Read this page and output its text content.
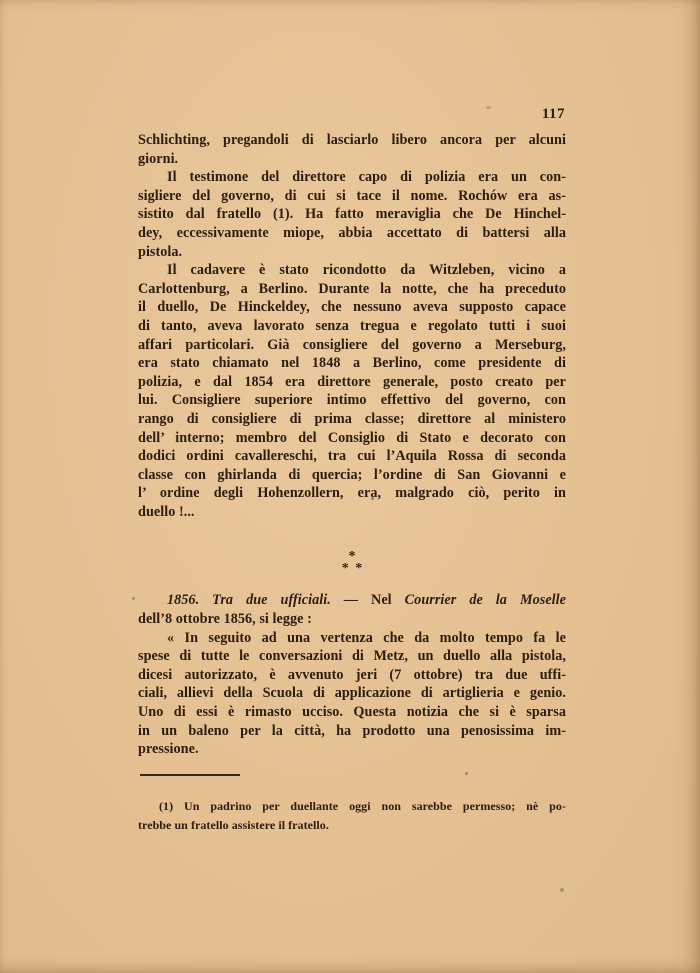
117
Schlichting, pregandoli di lasciarlo libero ancora per alcuni
giorni.
Il testimone del direttore capo di polizia era un con-
sigliere del governo, di cui si tace il nome. Rochów era as-
sistito dal fratello (1). Ha fatto meraviglia che De Hinchel-
dey, eccessivamente miope, abbia accettato di battersi alla
pistola.
Il cadavere è stato ricondotto da Witzleben, vicino a
Carlottenburg, a Berlino. Durante la notte, che ha preceduto
il duello, De Hinckeldey, che nessuno aveva supposto capace
di tanto, aveva lavorato senza tregua e regolato tutti i suoi
affari particolari. Già consigliere del governo a Merseburg,
era stato chiamato nel 1848 a Berlino, come presidente di
polizia, e dal 1854 era direttore generale, posto creato per
lui. Consigliere superiore intimo effettivo del governo, con
rango di consigliere di prima classe; direttore al ministero
dell’ interno; membro del Consiglio di Stato e decorato con
dodici ordini cavallereschi, tra cui l’Aquila Rossa di seconda
classe con ghirlanda di quercia; l’ordine di San Giovanni e
l’ ordine degli Hohenzollern, era, malgrado ciò, perito in
duello !...
*
* *
1856. Tra due ufficiali. — Nel Courrier de la Moselle
dell’8 ottobre 1856, si legge :
« In seguito ad una vertenza che da molto tempo fa le
spese di tutte le conversazioni di Metz, un duello alla pistola,
dicesi autorizzato, è avvenuto jeri (7 ottobre) tra due uffi-
ciali, allievi della Scuola di applicazione di artiglieria e genio.
Uno di essi è rimasto ucciso. Questa notizia che si è sparsa
in un baleno per la città, ha prodotto una penosissima im-
pressione.
(1) Un padrino per duellante oggi non sarebbe permesso; nè po-
trebbe un fratello assistere il fratello.
